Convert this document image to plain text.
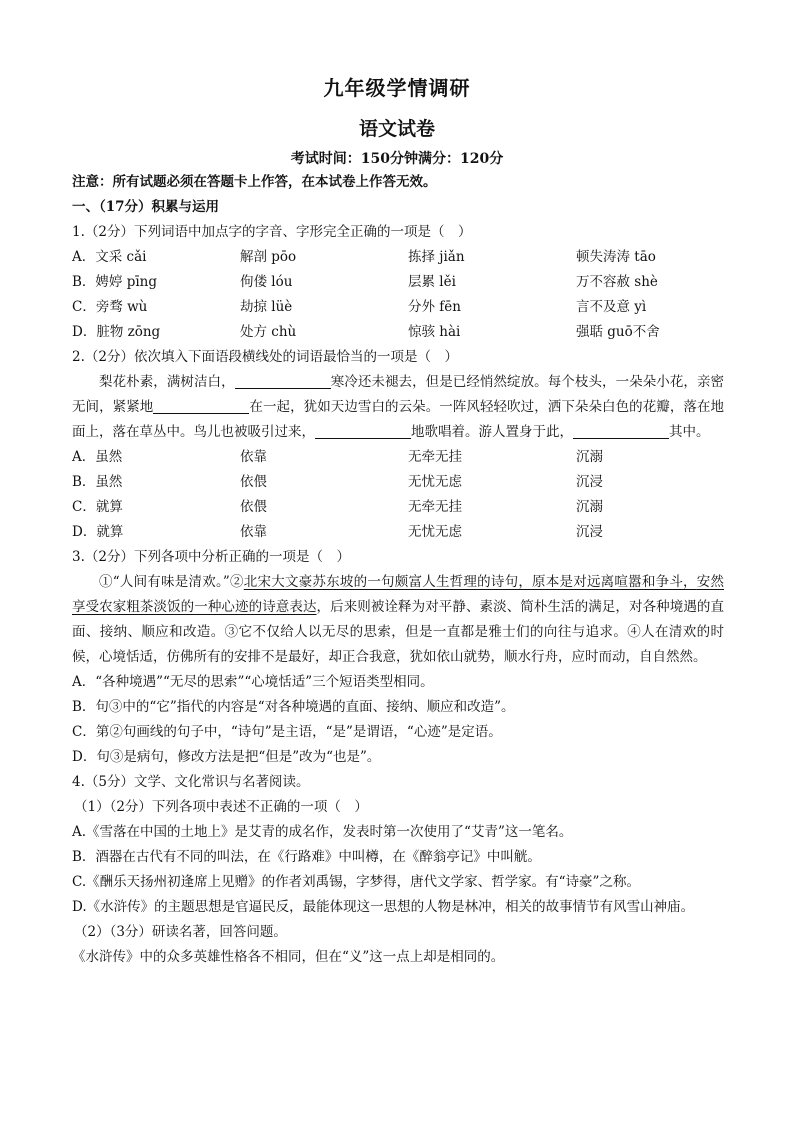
九年级学情调研
语文试卷
考试时间：150分钟满分：120分
注意：所有试题必须在答题卡上作答，在本试卷上作答无效。
一、（17分）积累与运用
1.（2分）下列词语中加点字的字音、字形完全正确的一项是（　）
A．文采 cǎi	解剖 pōo	拣择 jiǎn	顿失涛涛 tāo
B．娉婷 pīng	佝偻 lóu	层累 lěi	万不容赦 shè
C．旁骛 wù	劫掠 lüè	分外 fēn	言不及意 yì
D．脏物 zōng	处方 chù	惊骇 hài	强聒 guō不舍
2.（2分）依次填入下面语段横线处的词语最恰当的一项是（　）
梨花朴素，满树洁白，	寒冷还未褪去，但是已经悄然绽放。每个枝头，一朵朵小花，亲密无间，紧紧地	在一起，犹如天边雪白的云朵。一阵风轻轻吹过，洒下朵朵白色的花瓣，落在地面上，落在草丛中。鸟儿也被吸引过来，	地歌唱着。游人置身于此，	其中。
A．虽然	依靠	无牵无挂	沉溺
B．虽然	依偎	无忧无虑	沉浸
C．就算	依偎	无牵无挂	沉溺
D．就算	依靠	无忧无虑	沉浸
3.（2分）下列各项中分析正确的一项是（　）
①“人间有味是清欢。”②北宋大文豪苏东坡的一句颇富人生哲理的诗句，原本是对远离喧嚣和争斗，安然享受农家粗茶淡饭的一种心迹的诗意表达，后来则被诠释为对平静、素淡、简朴生活的满足，对各种境遇的直面、接纳、顺应和改造。③它不仅给人以无尽的思索，但是一直都是雅士们的向往与追求。④人在清欢的时候，心境恬适，仿佛所有的安排不是最好，却正合我意，犹如依山就势，顺水行舟，应时而动，自自然然。
A．“各种境遇”“无尽的思索”“心境恬适”三个短语类型相同。
B．句③中的“它”指代的内容是“对各种境遇的直面、接纳、顺应和改造”。
C．第②句画线的句子中，“诗句”是主语，“是”是谓语，“心迹”是定语。
D．句③是病句，修改方法是把“但是”改为“也是”。
4.（5分）文学、文化常识与名著阅读。
（1）（2分）下列各项中表述不正确的一项（　）
A.《雪落在中国的土地上》是艾青的成名作，发表时第一次使用了“艾青”这一笔名。
B．酒器在古代有不同的叫法，在《行路难》中叫樽，在《醉翁亭记》中叫觥。
C.《酬乐天扬州初逢席上见赠》的作者刘禹锡，字梦得，唐代文学家、哲学家。有“诗豪”之称。
D.《水浒传》的主题思想是官逼民反，最能体现这一思想的人物是林冲，相关的故事情节有风雪山神庙。
（2）（3分）研读名著，回答问题。
《水浒传》中的众多英雄性格各不相同，但在“义”这一点上却是相同的。
